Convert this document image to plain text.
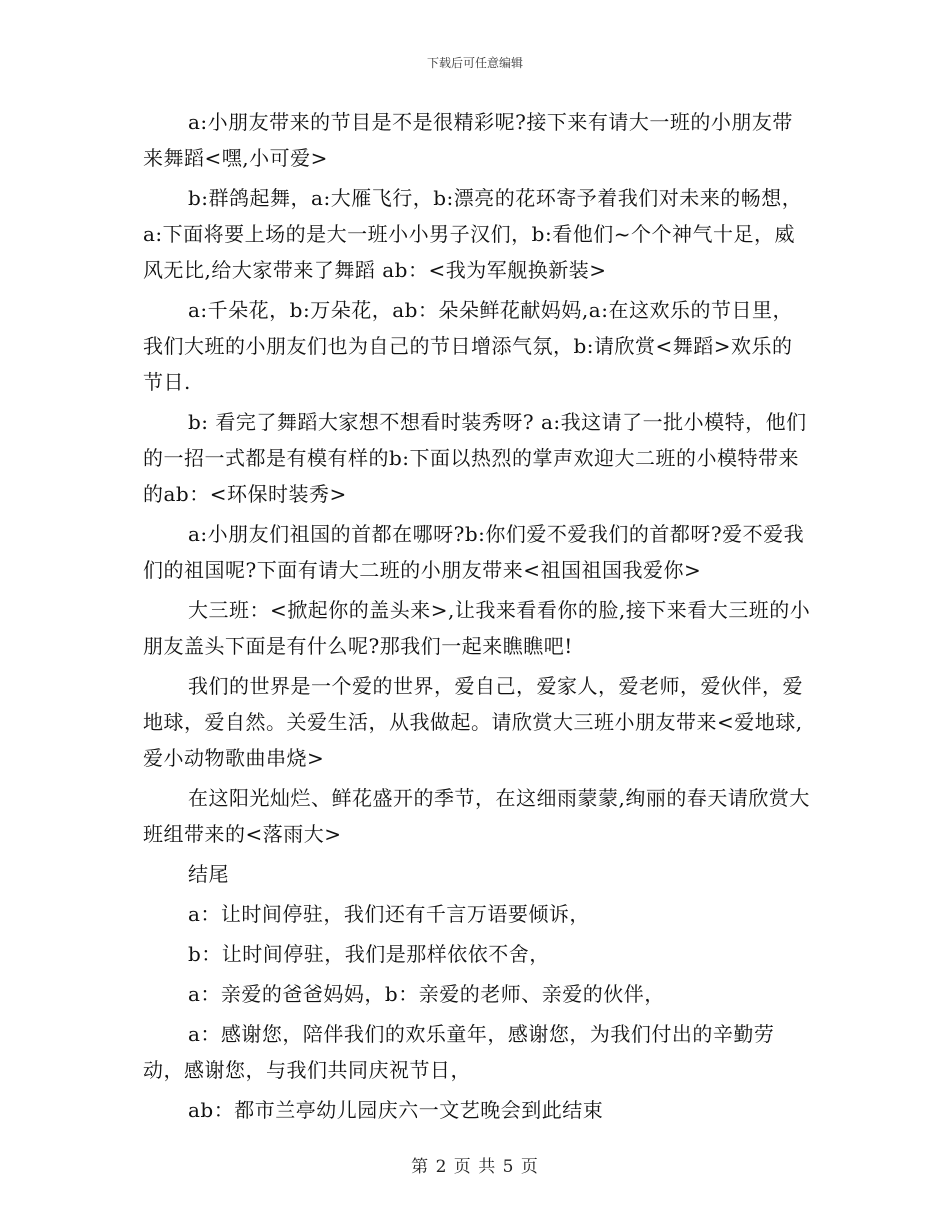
下载后可任意编辑

a:小朋友带来的节目是不是很精彩呢?接下来有请大一班的小朋友带来舞蹈<嘿,小可爱>

b:群鸽起舞，a:大雁飞行，b:漂亮的花环寄予着我们对未来的畅想，a:下面将要上场的是大一班小小男子汉们，b:看他们~个个神气十足，威风无比,给大家带来了舞蹈 ab：<我为军舰换新装>

a:千朵花，b:万朵花，ab：朵朵鲜花献妈妈,a:在这欢乐的节日里，我们大班的小朋友们也为自己的节日增添气氛，b:请欣赏<舞蹈>欢乐的节日.

b: 看完了舞蹈大家想不想看时装秀呀? a:我这请了一批小模特，他们的一招一式都是有模有样的b:下面以热烈的掌声欢迎大二班的小模特带来的ab：<环保时装秀>

a:小朋友们祖国的首都在哪呀?b:你们爱不爱我们的首都呀?爱不爱我们的祖国呢?下面有请大二班的小朋友带来<祖国祖国我爱你>

大三班：<掀起你的盖头来>,让我来看看你的脸,接下来看大三班的小朋友盖头下面是有什么呢?那我们一起来瞧瞧吧!

我们的世界是一个爱的世界，爱自己，爱家人，爱老师，爱伙伴，爱地球，爱自然。关爱生活，从我做起。请欣赏大三班小朋友带来<爱地球,爱小动物歌曲串烧>

在这阳光灿烂、鲜花盛开的季节，在这细雨蒙蒙,绚丽的春天请欣赏大班组带来的<落雨大>

结尾

a：让时间停驻，我们还有千言万语要倾诉，

b：让时间停驻，我们是那样依依不舍，

a：亲爱的爸爸妈妈，b：亲爱的老师、亲爱的伙伴，

a：感谢您，陪伴我们的欢乐童年，感谢您，为我们付出的辛勤劳动，感谢您，与我们共同庆祝节日，

ab：都市兰亭幼儿园庆六一文艺晚会到此结束

第 2 页 共 5 页
